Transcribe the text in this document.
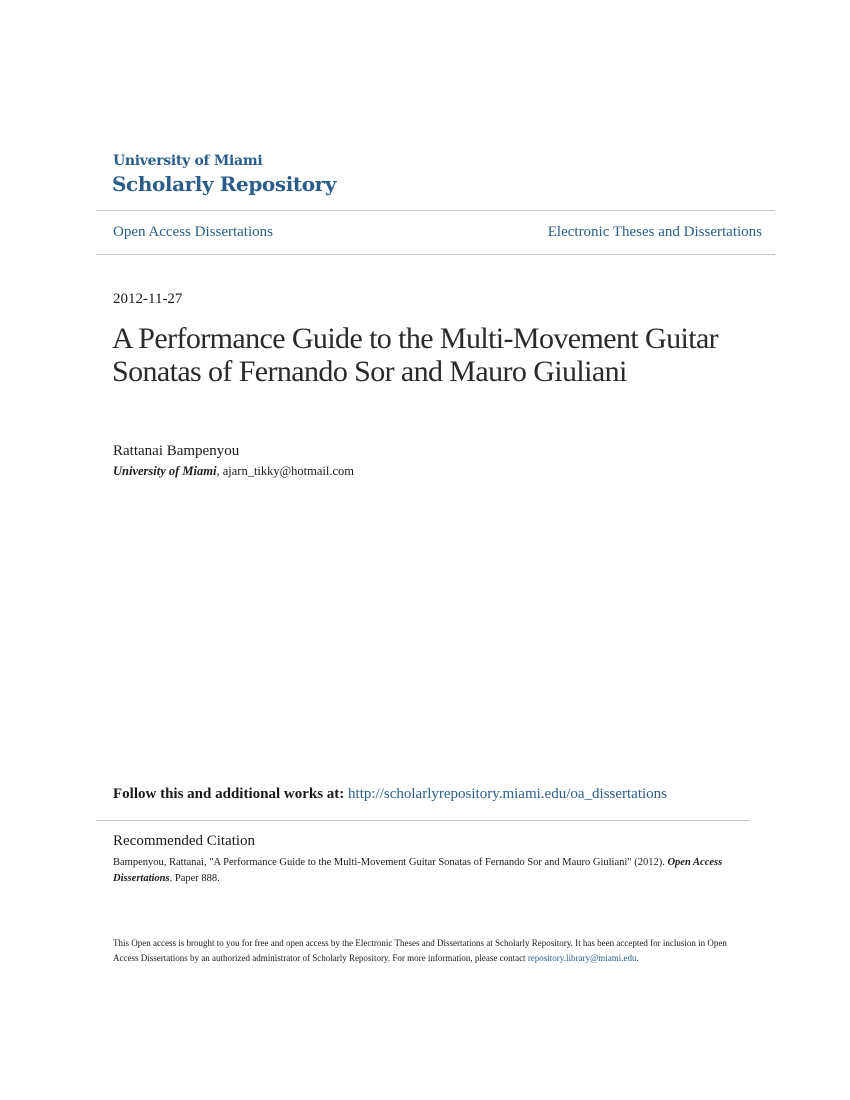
University of Miami
Scholarly Repository
Open Access Dissertations	Electronic Theses and Dissertations
2012-11-27
A Performance Guide to the Multi-Movement Guitar Sonatas of Fernando Sor and Mauro Giuliani
Rattanai Bampenyou
University of Miami, ajarn_tikky@hotmail.com
Follow this and additional works at: http://scholarlyrepository.miami.edu/oa_dissertations
Recommended Citation
Bampenyou, Rattanai, "A Performance Guide to the Multi-Movement Guitar Sonatas of Fernando Sor and Mauro Giuliani" (2012). Open Access Dissertations. Paper 888.
This Open access is brought to you for free and open access by the Electronic Theses and Dissertations at Scholarly Repository. It has been accepted for inclusion in Open Access Dissertations by an authorized administrator of Scholarly Repository. For more information, please contact repository.library@miami.edu.
